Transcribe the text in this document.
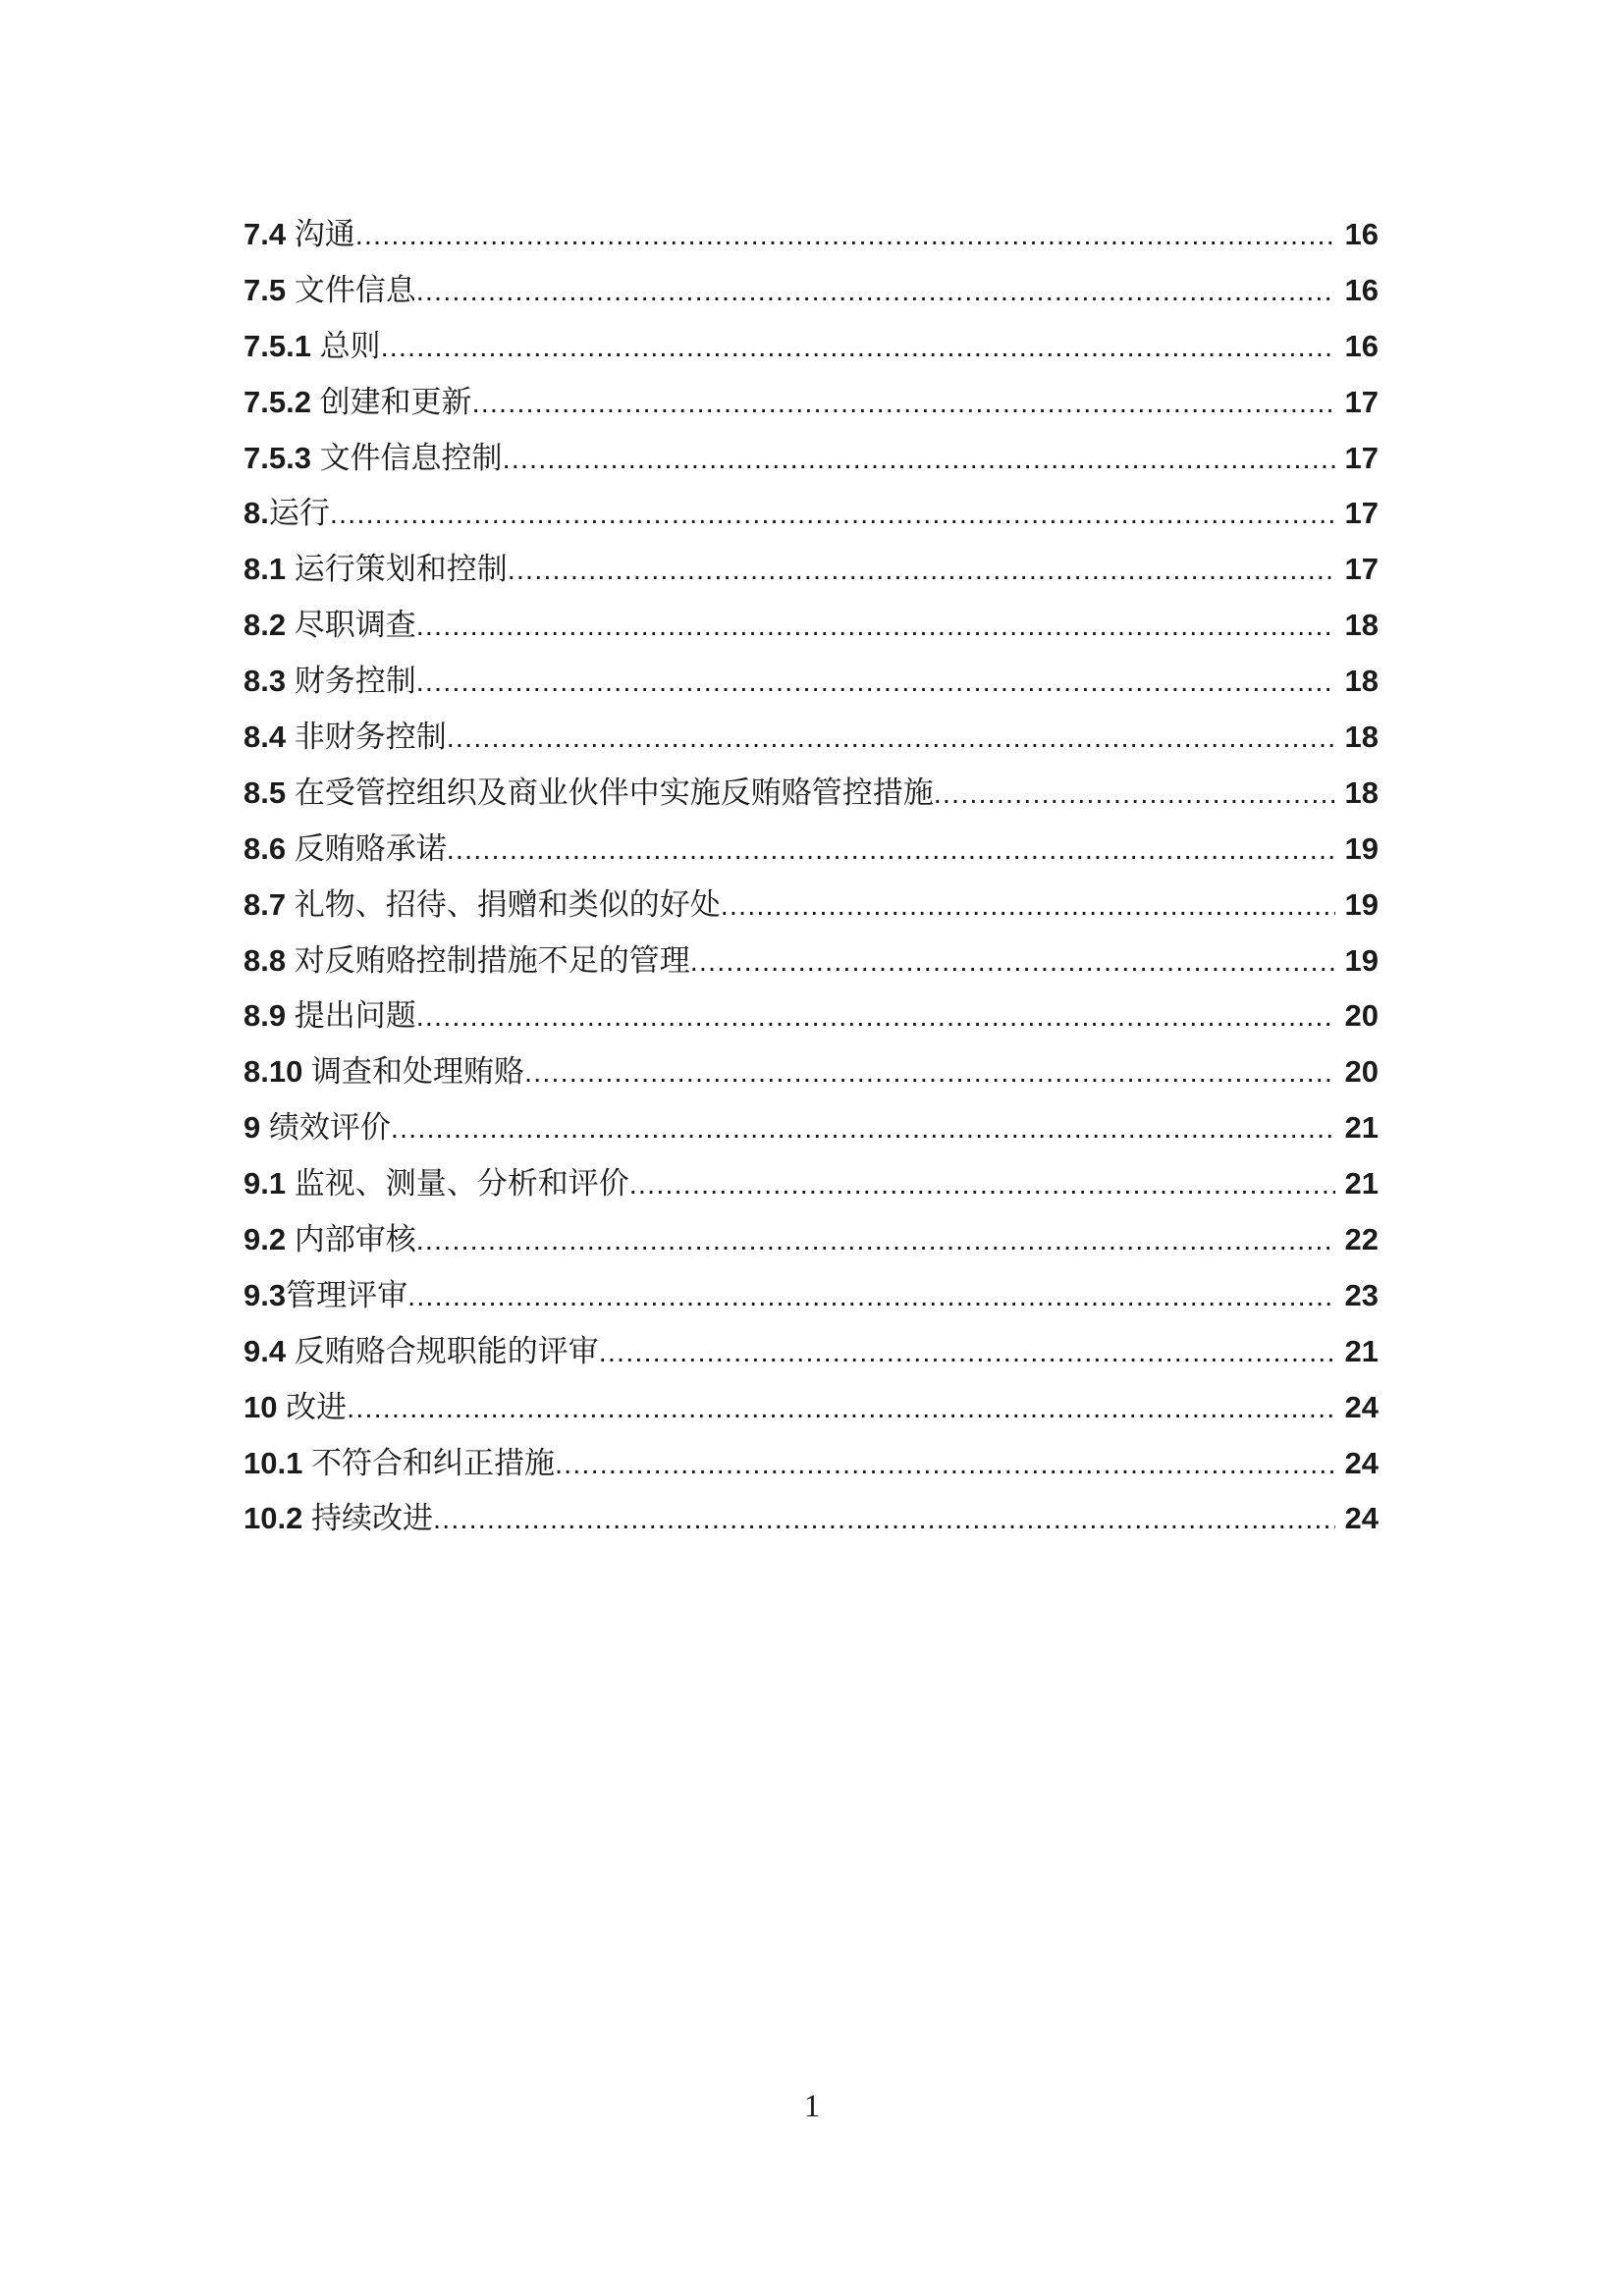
7.4 沟通 .....	16
7.5 文件信息 .....	16
7.5.1 总则 .....	16
7.5.2 创建和更新 .....	17
7.5.3 文件信息控制 .....	17
8. 运行 .....	17
8.1 运行策划和控制 .....	17
8.2 尽职调查 .....	18
8.3 财务控制 .....	18
8.4 非财务控制 .....	18
8.5 在受管控组织及商业伙伴中实施反贿赂管控措施 .....	18
8.6 反贿赂承诺 .....	19
8.7 礼物、招待、捐赠和类似的好处 .....	19
8.8 对反贿赂控制措施不足的管理 .....	19
8.9 提出问题 .....	20
8.10 调查和处理贿赂 .....	20
9 绩效评价 .....	21
9.1 监视、测量、分析和评价 .....	21
9.2 内部审核 .....	22
9.3 管理评审 .....	23
9.4 反贿赂合规职能的评审 .....	21
10 改进 .....	24
10.1 不符合和纠正措施 .....	24
10.2 持续改进 .....	24
1
